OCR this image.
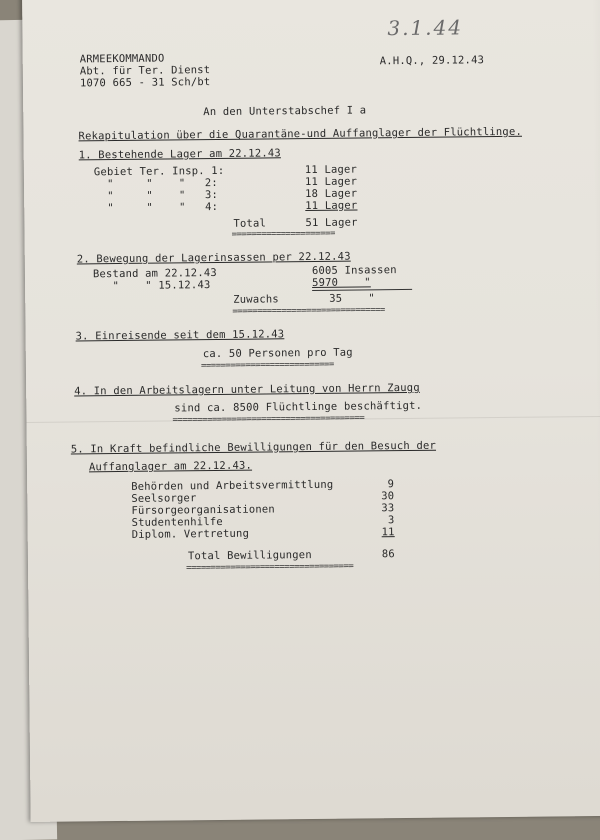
ARMEEKOMMANDO
Abt. für Ter. Dienst
1070 665 - 31 Sch/bt
A.H.Q., 29.12.43
3.1.44
An den Unterstabschef I a
Rekapitulation über die Quarantäne-und Auffanglager der Flüchtlinge.
1. Bestehende Lager am 22.12.43
Gebiet Ter. Insp. 1:	11 Lager
"     "    "   2:	11 Lager
"     "    "   3:	18 Lager
"     "    "   4:	11 Lager
Total	51 Lager
=====================
2. Bewegung der Lagerinsassen per 22.12.43
Bestand am 22.12.43	6005 Insassen
"    " 15.12.43	5970    "
Zuwachs	35    "
===============================
3. Einreisende seit dem 15.12.43
ca. 50 Personen pro Tag
===========================
4. In den Arbeitslagern unter Leitung von Herrn Zaugg
sind ca. 8500 Flüchtlinge beschäftigt.
=======================================
5. In Kraft befindliche Bewilligungen für den Besuch der
Auffanglager am 22.12.43.
Behörden und Arbeitsvermittlung	9
Seelsorger	30
Fürsorgeorganisationen	33
Studentenhilfe	3
Diplom. Vertretung	11
Total Bewilligungen	86
==================================
